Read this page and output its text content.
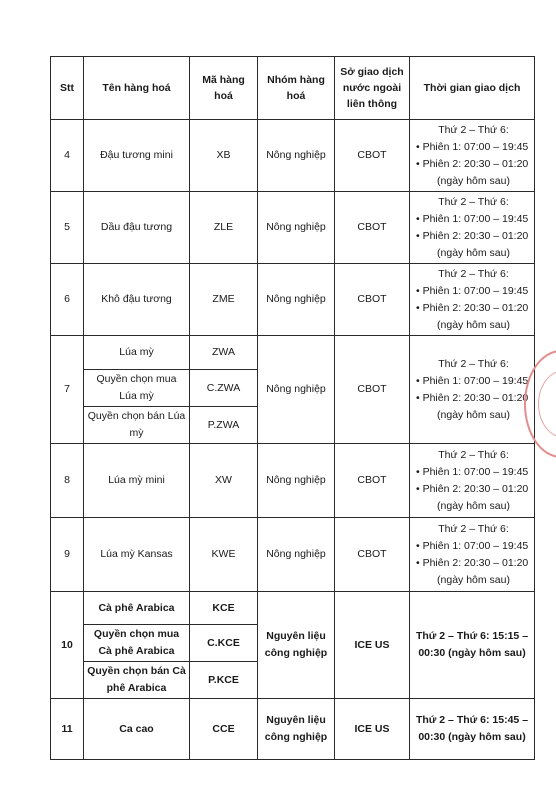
Stt	Tên hàng hoá	Mã hàng hoá	Nhóm hàng hoá	Sở giao dịch nước ngoài liên thông	Thời gian giao dịch
4	Đậu tương mini	XB	Nông nghiệp	CBOT	Thứ 2 – Thứ 6:
• Phiên 1: 07:00 – 19:45
• Phiên 2: 20:30 – 01:20
(ngày hôm sau)

5	Dầu đậu tương	ZLE	Nông nghiệp	CBOT	Thứ 2 – Thứ 6:
• Phiên 1: 07:00 – 19:45
• Phiên 2: 20:30 – 01:20
(ngày hôm sau)

6	Khô đậu tương	ZME	Nông nghiệp	CBOT	Thứ 2 – Thứ 6:
• Phiên 1: 07:00 – 19:45
• Phiên 2: 20:30 – 01:20
(ngày hôm sau)

7	Lúa mỳ	ZWA	Nông nghiệp	CBOT	Thứ 2 – Thứ 6:
• Phiên 1: 07:00 – 19:45
• Phiên 2: 20:30 – 01:20
(ngày hôm sau)

	Quyền chọn mua Lúa mỳ	C.ZWA			
	Quyền chọn bán Lúa mỳ	P.ZWA			
8	Lúa mỳ mini	XW	Nông nghiệp	CBOT	Thứ 2 – Thứ 6:
• Phiên 1: 07:00 – 19:45
• Phiên 2: 20:30 – 01:20
(ngày hôm sau)

9	Lúa mỳ Kansas	KWE	Nông nghiệp	CBOT	Thứ 2 – Thứ 6:
• Phiên 1: 07:00 – 19:45
• Phiên 2: 20:30 – 01:20
(ngày hôm sau)

10	Cà phê Arabica	KCE	Nguyên liệu công nghiệp	ICE US	Thứ 2 – Thứ 6: 15:15 – 00:30 (ngày hôm sau)
	Quyền chọn mua Cà phê Arabica	C.KCE			
	Quyền chọn bán Cà phê Arabica	P.KCE			
11	Ca cao	CCE	Nguyên liệu công nghiệp	ICE US	Thứ 2 – Thứ 6: 15:45 – 00:30 (ngày hôm sau)
